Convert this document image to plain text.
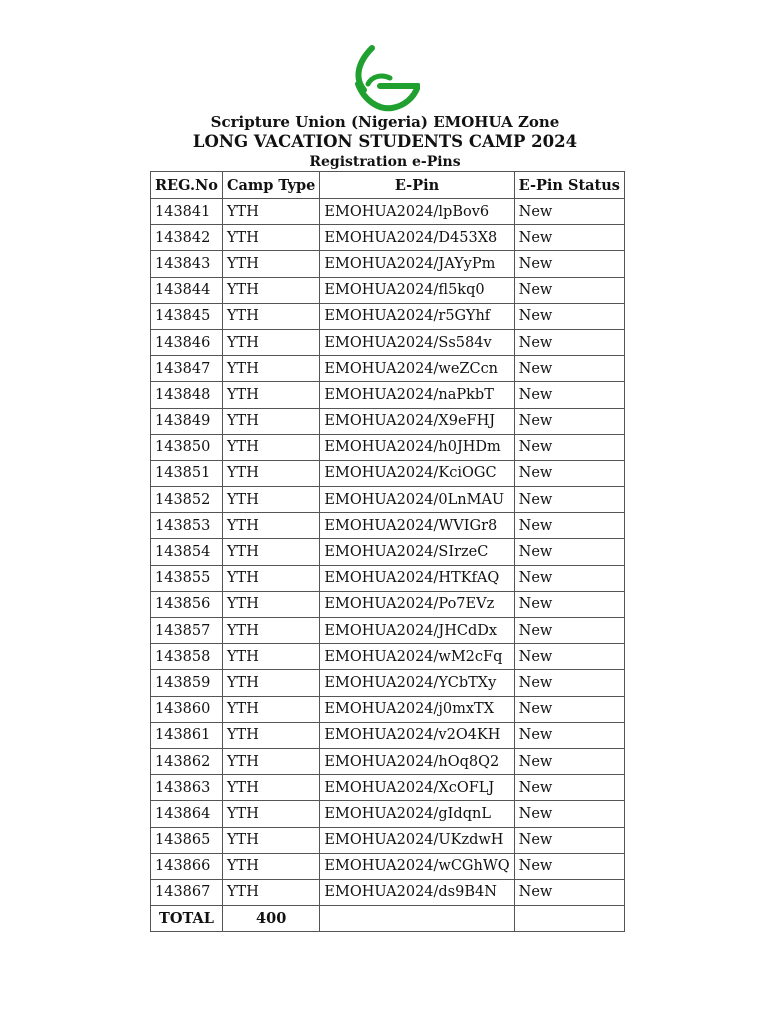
Scripture Union (Nigeria) EMOHUA Zone
LONG VACATION STUDENTS CAMP 2024 Registration e-Pins
REG.No	Camp Type	E-Pin	E-Pin Status
143841	YTH	EMOHUA2024/lpBov6	New
143842	YTH	EMOHUA2024/D453X8	New
143843	YTH	EMOHUA2024/JAYyPm	New
143844	YTH	EMOHUA2024/fl5kq0	New
143845	YTH	EMOHUA2024/r5GYhf	New
143846	YTH	EMOHUA2024/Ss584v	New
143847	YTH	EMOHUA2024/weZCcn	New
143848	YTH	EMOHUA2024/naPkbT	New
143849	YTH	EMOHUA2024/X9eFHJ	New
143850	YTH	EMOHUA2024/h0JHDm	New
143851	YTH	EMOHUA2024/KciOGC	New
143852	YTH	EMOHUA2024/0LnMAU	New
143853	YTH	EMOHUA2024/WVIGr8	New
143854	YTH	EMOHUA2024/SIrzeC	New
143855	YTH	EMOHUA2024/HTKfAQ	New
143856	YTH	EMOHUA2024/Po7EVz	New
143857	YTH	EMOHUA2024/JHCdDx	New
143858	YTH	EMOHUA2024/wM2cFq	New
143859	YTH	EMOHUA2024/YCbTXy	New
143860	YTH	EMOHUA2024/j0mxTX	New
143861	YTH	EMOHUA2024/v2O4KH	New
143862	YTH	EMOHUA2024/hOq8Q2	New
143863	YTH	EMOHUA2024/XcOFLJ	New
143864	YTH	EMOHUA2024/gIdqnL	New
143865	YTH	EMOHUA2024/UKzdwH	New
143866	YTH	EMOHUA2024/wCGhWQ	New
143867	YTH	EMOHUA2024/ds9B4N	New
TOTAL	400		
